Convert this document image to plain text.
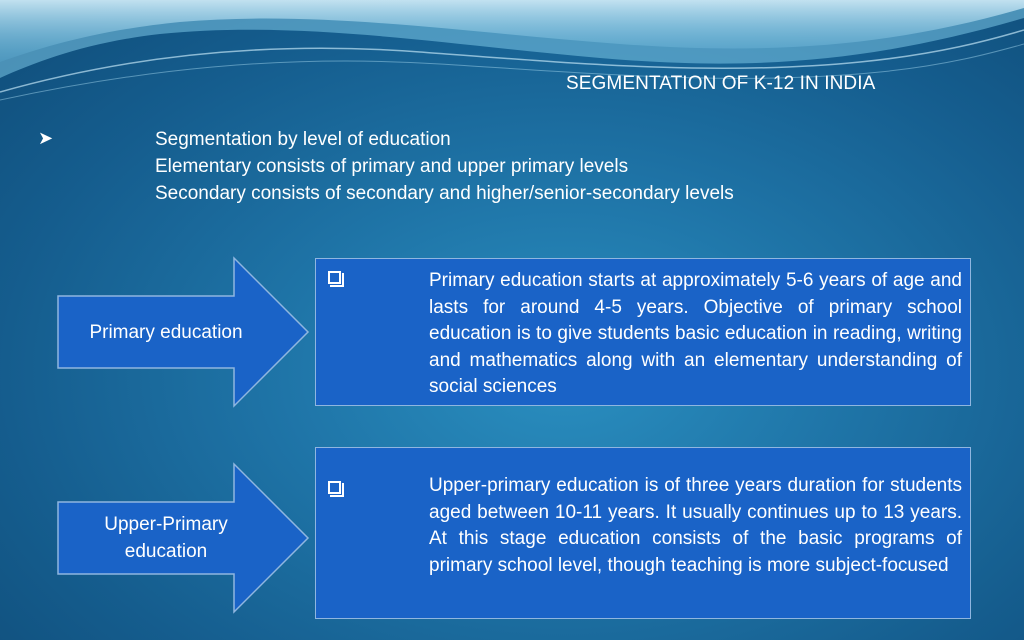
SEGMENTATION OF K-12 IN INDIA
➤	Segmentation by level of education
Elementary consists of primary and upper primary levels
Secondary consists of secondary and higher/senior-secondary levels
Primary education
Primary education starts at approximately 5-6 years of age and lasts for around 4-5 years. Objective of primary school education is to give students basic education in reading, writing and mathematics along with an elementary understanding of social sciences
Upper-Primary
education
Upper-primary education is of three years duration for students aged between 10-11 years. It usually continues up to 13 years. At this stage education consists of the basic programs of primary school level, though teaching is more subject-focused
